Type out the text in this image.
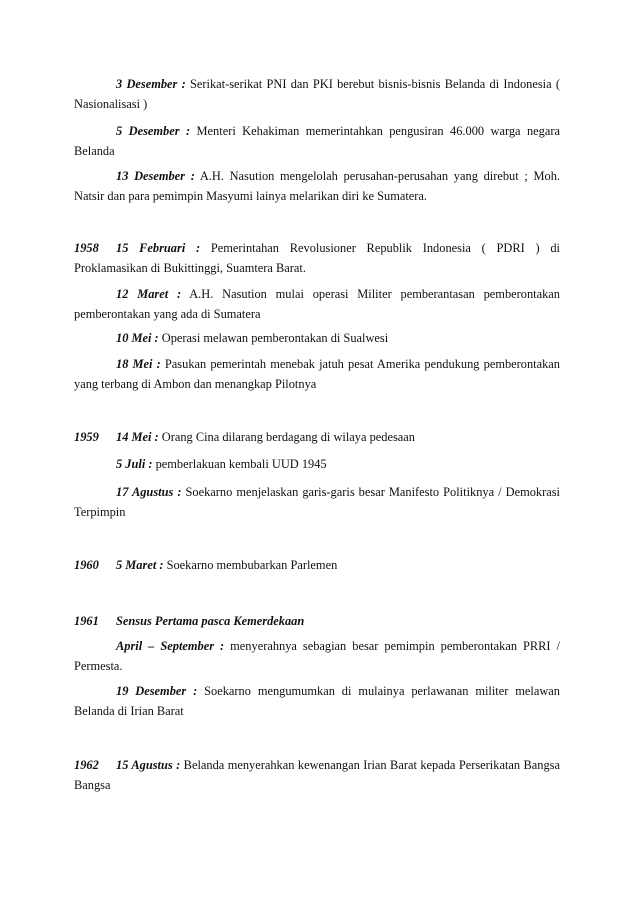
3 Desember : Serikat-serikat PNI dan PKI berebut bisnis-bisnis Belanda di Indonesia ( Nasionalisasi )

5 Desember : Menteri Kehakiman memerintahkan pengusiran 46.000 warga negara Belanda

13 Desember : A.H. Nasution mengelolah perusahan-perusahan yang direbut ; Moh. Natsir dan para pemimpin Masyumi lainya melarikan diri ke Sumatera.

1958 15 Februari : Pemerintahan Revolusioner Republik Indonesia ( PDRI ) di Proklamasikan di Bukittinggi, Suamtera Barat.

12 Maret : A.H. Nasution mulai operasi Militer pemberantasan pemberontakan pemberontakan yang ada di Sumatera

10 Mei : Operasi melawan pemberontakan di Sualwesi

18 Mei : Pasukan pemerintah menebak jatuh pesat Amerika pendukung pemberontakan yang terbang di Ambon dan menangkap Pilotnya

1959 14 Mei : Orang Cina dilarang berdagang di wilaya pedesaan

5 Juli : pemberlakuan kembali UUD 1945

17 Agustus : Soekarno menjelaskan garis-garis besar Manifesto Politiknya / Demokrasi Terpimpin

1960 5 Maret : Soekarno membubarkan Parlemen

1961 Sensus Pertama pasca Kemerdekaan

April – September : menyerahnya sebagian besar pemimpin pemberontakan PRRI / Permesta.

19 Desember : Soekarno mengumumkan di mulainya perlawanan militer melawan Belanda di Irian Barat

1962 15 Agustus : Belanda menyerahkan kewenangan Irian Barat kepada Perserikatan Bangsa Bangsa
